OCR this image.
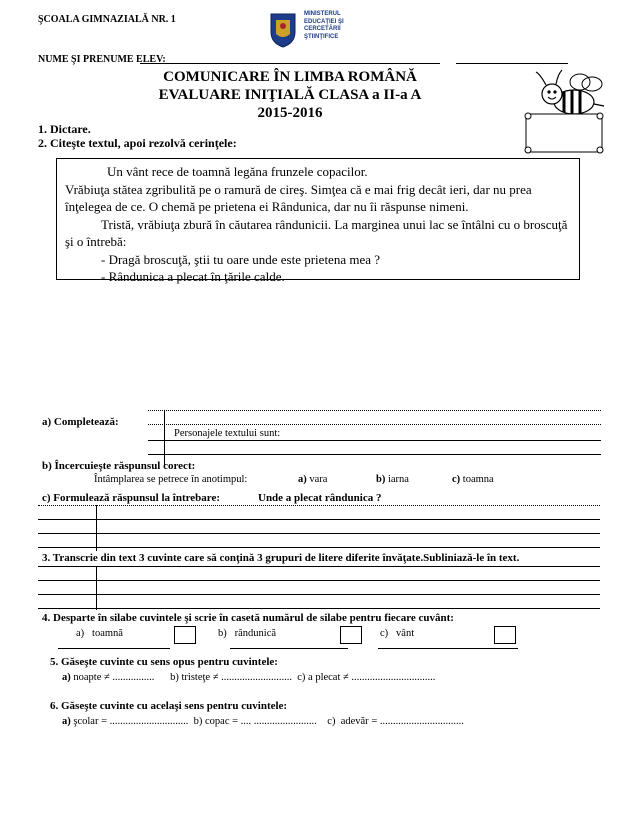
ŞCOALA GIMNAZIALĂ NR. 1
NUME ŞI PRENUME ELEV:
MINISTERUL
EDUCAŢIEI ŞI
CERCETĂRII
ŞTIINŢIFICE
COMUNICARE ÎN LIMBA ROMÂNĂ
EVALUARE INIŢIALĂ CLASA a II-a A
2015-2016
1. Dictare.
2. Citeşte textul, apoi rezolvă cerinţele:

Un vânt rece de toamnă legăna frunzele copacilor.

Vrăbiuţa stătea zgribulită pe o ramură de cireş. Simţea că e mai frig decât ieri, dar nu prea înţelegea de ce. O chemă pe prietena ei Rândunica, dar nu îi răspunse nimeni.

Tristă, vrăbiuţa zbură în căutarea rândunicii. La marginea unui lac se întâlni cu o broscuţă şi o întrebă:

- Dragă broscuţă, ştii tu oare unde este prietena mea ?

- Rândunica a plecat în ţările calde.

a) Completează:
Personajele textului sunt:
b) Încercuieşte răspunsul corect:
Întâmplarea se petrece în anotimpul:	a) vara	b) iarna	c) toamna
c) Formulează răspunsul la întrebare:	Unde a plecat rândunica ?
3. Transcrie din text 3 cuvinte care să conţină 3 grupuri de litere diferite învăţate.Subliniază-le în text.
4. Desparte în silabe cuvintele şi scrie în casetă numărul de silabe pentru fiecare cuvânt:
a) toamnă	b) rândunică	c) vânt
5. Găseşte cuvinte cu sens opus pentru cuvintele:
a) noapte ≠ ................ b) tristeţe ≠ ........................... c) a plecat ≠ ................................
6. Găseşte cuvinte cu acelaşi sens pentru cuvintele:
a) şcolar = .............................. b) copac = .... ........................ c) adevăr = ................................
